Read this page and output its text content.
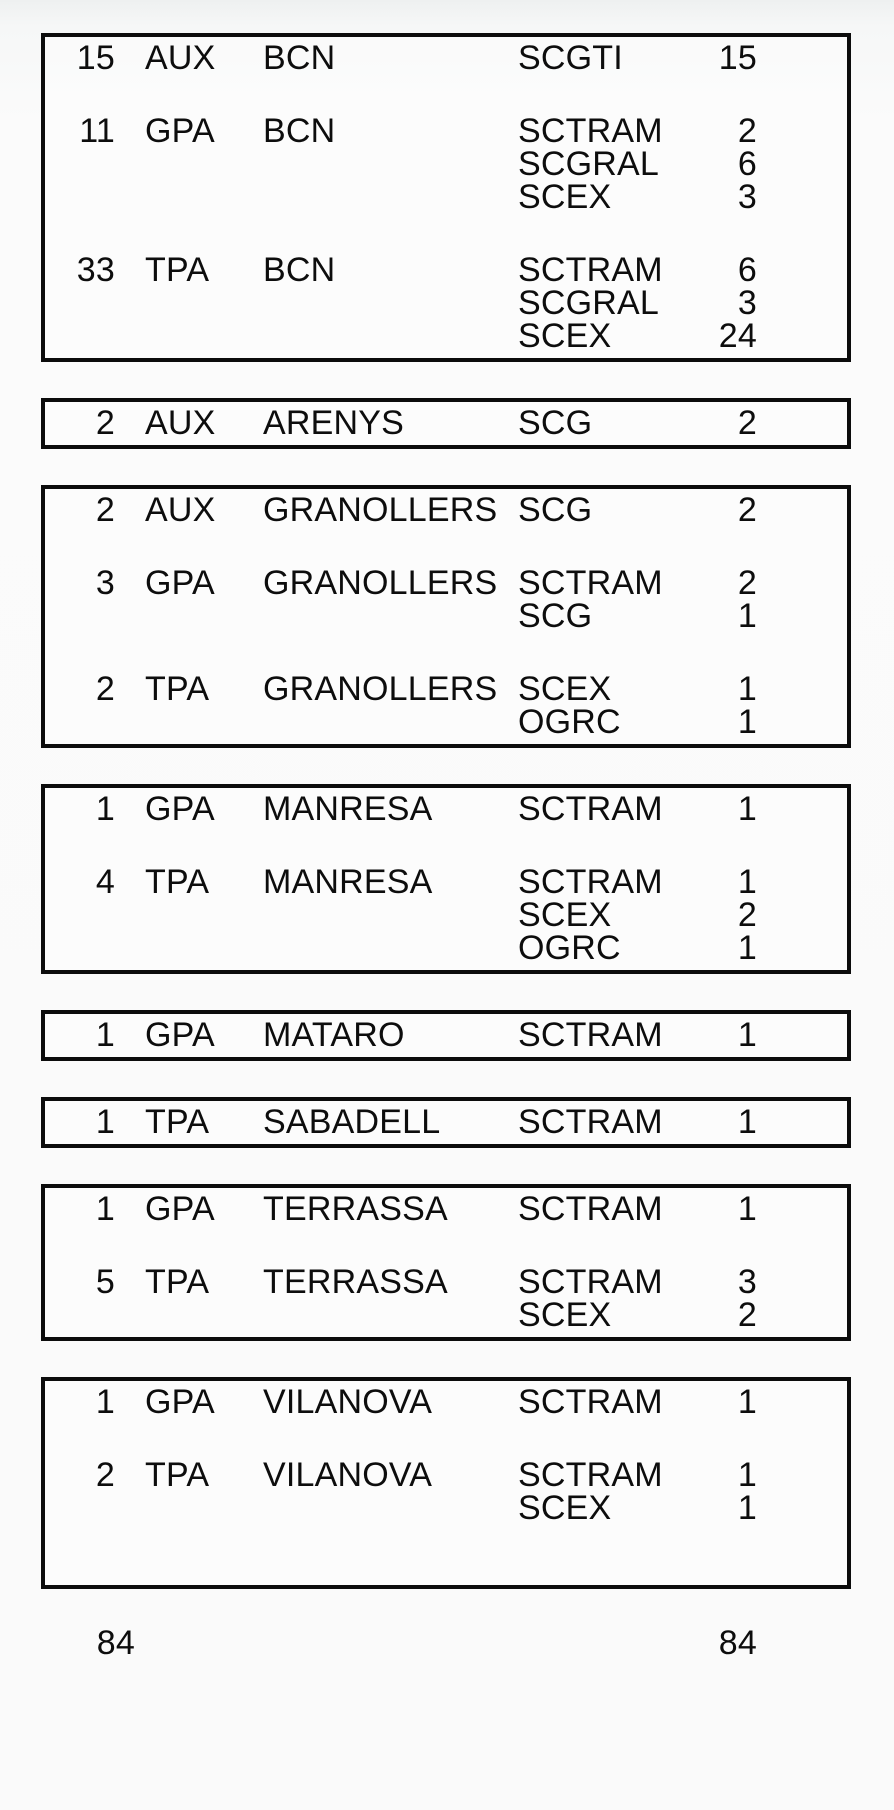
15 AUX	BCN	SCGTI	15
11 GPA	BCN	SCTRAM	2
SCGRAL	6
SCEX	3
33 TPA	BCN	SCTRAM	6
SCGRAL	3
SCEX	24
2 AUX	ARENYS	SCG	2
2 AUX	GRANOLLERS SCG	2
3 GPA	GRANOLLERS SCTRAM	2
SCG	1
2 TPA	GRANOLLERS SCEX	1
OGRC	1
1 GPA	MANRESA	SCTRAM	1
4 TPA	MANRESA	SCTRAM	1
SCEX	2
OGRC	1
1 GPA	MATARO	SCTRAM	1
1 TPA	SABADELL	SCTRAM	1
1 GPA	TERRASSA	SCTRAM	1
5 TPA	TERRASSA	SCTRAM	3
SCEX	2
1 GPA	VILANOVA	SCTRAM	1
2 TPA	VILANOVA	SCTRAM	1
SCEX	1
84	84
